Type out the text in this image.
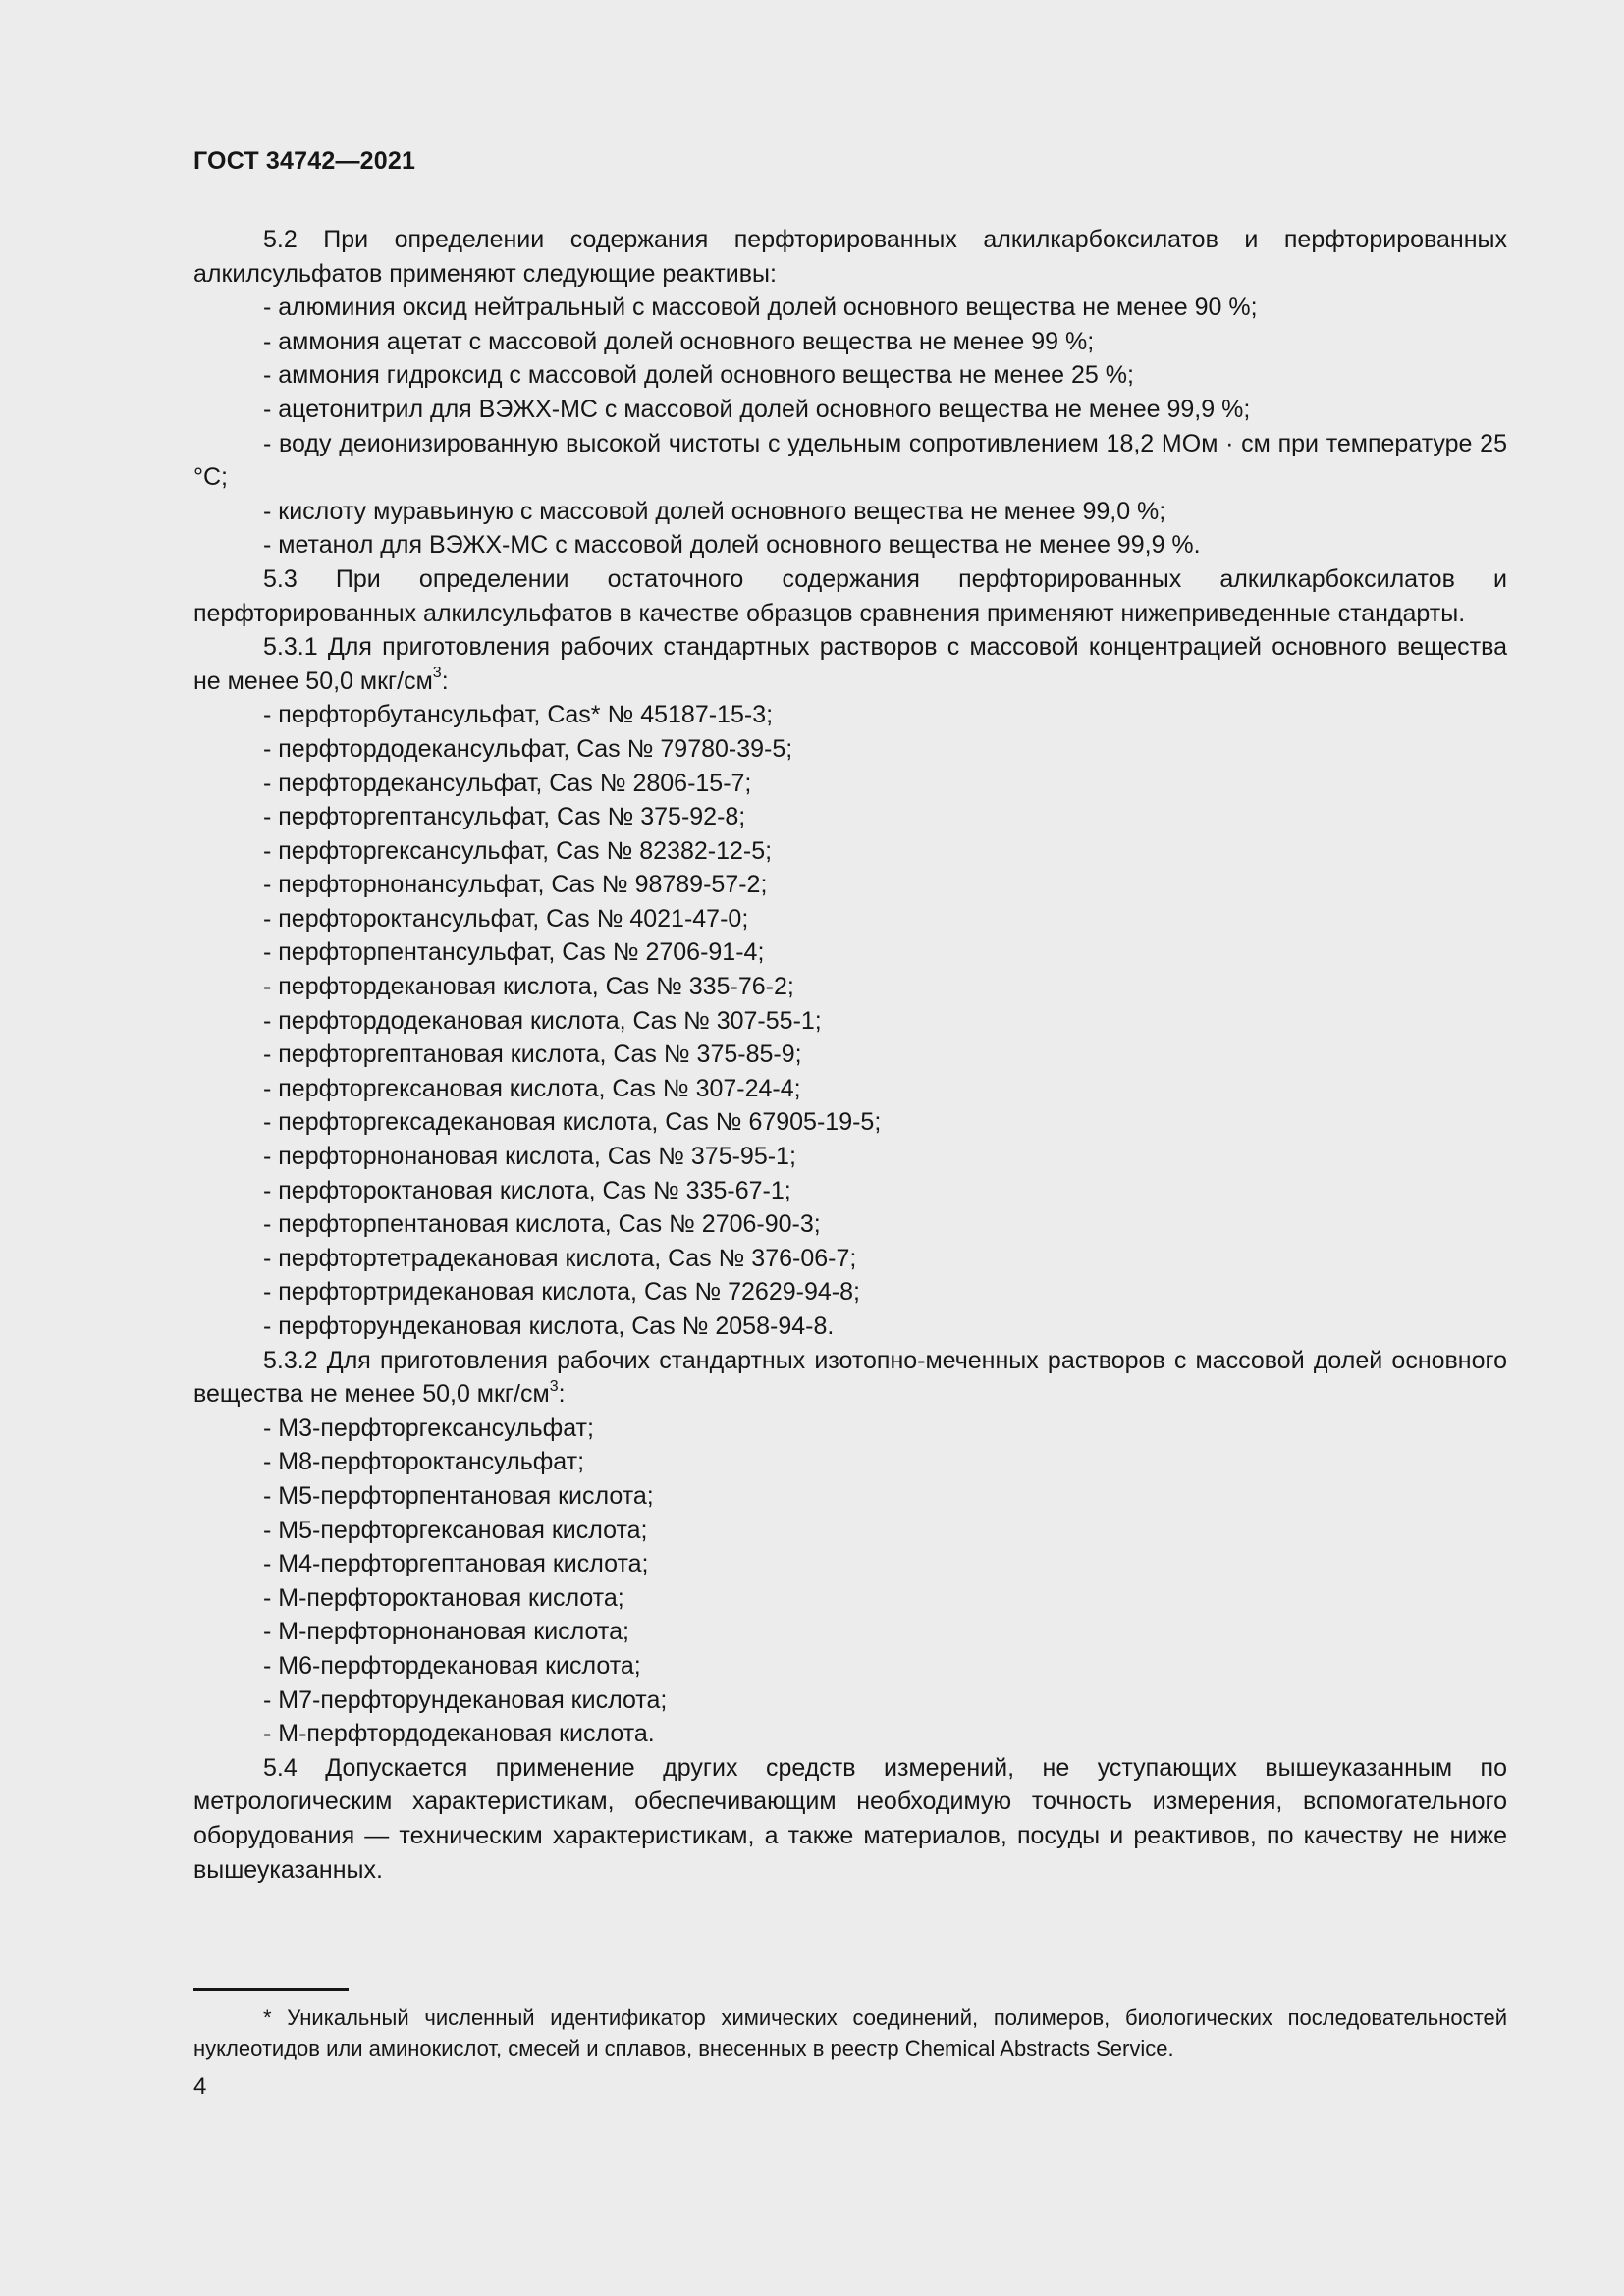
ГОСТ 34742—2021

5.2 При определении содержания перфторированных алкилкарбоксилатов и перфторированных алкилсульфатов применяют следующие реактивы:

- алюминия оксид нейтральный с массовой долей основного вещества не менее 90 %;

- аммония ацетат с массовой долей основного вещества не менее 99 %;

- аммония гидроксид с массовой долей основного вещества не менее 25 %;

- ацетонитрил для ВЭЖХ-МС с массовой долей основного вещества не менее 99,9 %;

- воду деионизированную высокой чистоты с удельным сопротивлением 18,2 МОм · см при температуре 25 °С;

- кислоту муравьиную с массовой долей основного вещества не менее 99,0 %;

- метанол для ВЭЖХ-МС с массовой долей основного вещества не менее 99,9 %.

5.3 При определении остаточного содержания перфторированных алкилкарбоксилатов и перфторированных алкилсульфатов в качестве образцов сравнения применяют нижеприведенные стандарты.

5.3.1 Для приготовления рабочих стандартных растворов с массовой концентрацией основного вещества не менее 50,0 мкг/$см^3$:

- перфторбутансульфат, Cas* № 45187-15-3;

- перфтордодекансульфат, Cas № 79780-39-5;

- перфтордекансульфат, Cas № 2806-15-7;

- перфторгептансульфат, Cas № 375-92-8;

- перфторгексансульфат, Cas № 82382-12-5;

- перфторнонансульфат, Cas № 98789-57-2;

- перфтороктансульфат, Cas № 4021-47-0;

- перфторпентансульфат, Cas № 2706-91-4;

- перфтордекановая кислота, Cas № 335-76-2;

- перфтордодекановая кислота, Cas № 307-55-1;

- перфторгептановая кислота, Cas № 375-85-9;

- перфторгексановая кислота, Cas № 307-24-4;

- перфторгексадекановая кислота, Cas № 67905-19-5;

- перфторнонановая кислота, Cas № 375-95-1;

- перфтороктановая кислота, Cas № 335-67-1;

- перфторпентановая кислота, Cas № 2706-90-3;

- перфтортетрадекановая кислота, Cas № 376-06-7;

- перфтортридекановая кислота, Cas № 72629-94-8;

- перфторундекановая кислота, Cas № 2058-94-8.

5.3.2 Для приготовления рабочих стандартных изотопно-меченных растворов с массовой долей основного вещества не менее 50,0 мкг/$см^3$:

- М3-перфторгексансульфат;

- М8-перфтороктансульфат;

- М5-перфторпентановая кислота;

- М5-перфторгексановая кислота;

- М4-перфторгептановая кислота;

- М-перфтороктановая кислота;

- М-перфторнонановая кислота;

- М6-перфтордекановая кислота;

- М7-перфторундекановая кислота;

- М-перфтордодекановая кислота.

5.4 Допускается применение других средств измерений, не уступающих вышеуказанным по метрологическим характеристикам, обеспечивающим необходимую точность измерения, вспомогательного оборудования — техническим характеристикам, а также материалов, посуды и реактивов, по качеству не ниже вышеуказанных.

* Уникальный численный идентификатор химических соединений, полимеров, биологических последовательностей нуклеотидов или аминокислот, смесей и сплавов, внесенных в реестр Chemical Abstracts Service.

4
